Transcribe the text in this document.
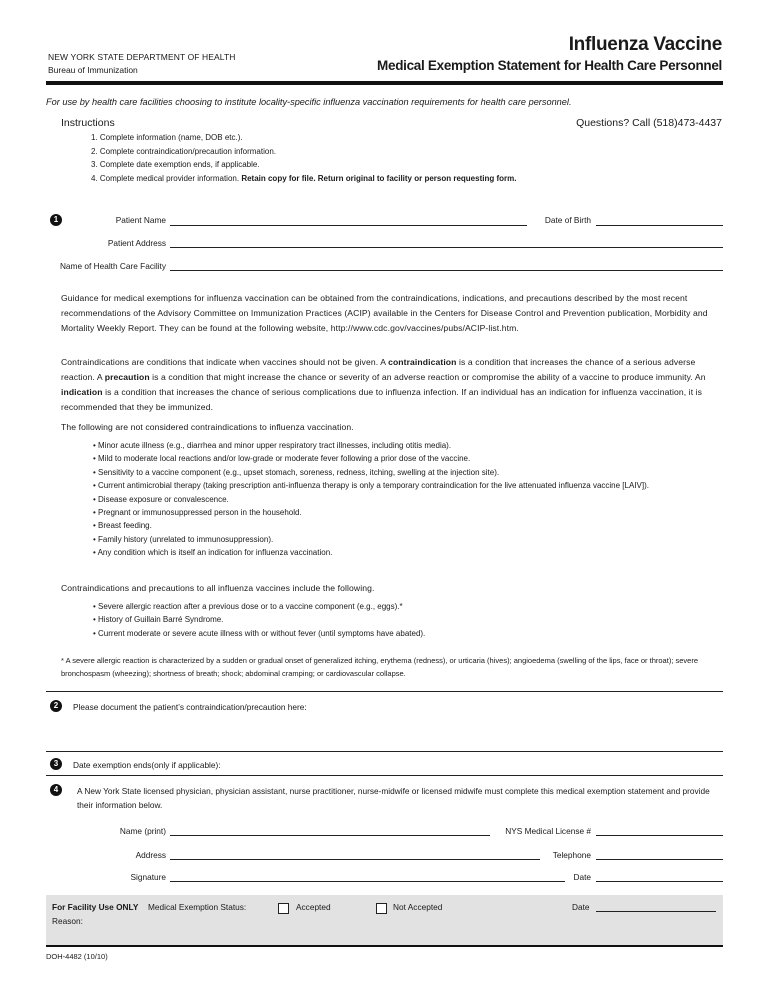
NEW YORK STATE DEPARTMENT OF HEALTH
Bureau of Immunization
Influenza Vaccine
Medical Exemption Statement for Health Care Personnel
For use by health care facilities choosing to institute locality-specific influenza vaccination requirements for health care personnel.
Instructions	Questions? Call (518)473-4437
1. Complete information (name, DOB etc.).
2. Complete contraindication/precaution information.
3. Complete date exemption ends, if applicable.
4. Complete medical provider information. Retain copy for file. Return original to facility or person requesting form.
1	Patient Name	Date of Birth
Patient Address
Name of Health Care Facility
Guidance for medical exemptions for influenza vaccination can be obtained from the contraindications, indications, and precautions described by the most recent recommendations of the Advisory Committee on Immunization Practices (ACIP) available in the Centers for Disease Control and Prevention publication, Morbidity and Mortality Weekly Report. They can be found at the following website, http://www.cdc.gov/vaccines/pubs/ACIP-list.htm.
Contraindications are conditions that indicate when vaccines should not be given. A contraindication is a condition that increases the chance of a serious adverse reaction. A precaution is a condition that might increase the chance or severity of an adverse reaction or compromise the ability of a vaccine to produce immunity. An indication is a condition that increases the chance of serious complications due to influenza infection. If an individual has an indication for influenza vaccination, it is recommended that they be immunized.
The following are not considered contraindications to influenza vaccination.
• Minor acute illness (e.g., diarrhea and minor upper respiratory tract illnesses, including otitis media).
• Mild to moderate local reactions and/or low-grade or moderate fever following a prior dose of the vaccine.
• Sensitivity to a vaccine component (e.g., upset stomach, soreness, redness, itching, swelling at the injection site).
• Current antimicrobial therapy (taking prescription anti-influenza therapy is only a temporary contraindication for the live attenuated influenza vaccine [LAIV]).
• Disease exposure or convalescence.
• Pregnant or immunosuppressed person in the household.
• Breast feeding.
• Family history (unrelated to immunosuppression).
• Any condition which is itself an indication for influenza vaccination.
Contraindications and precautions to all influenza vaccines include the following.
• Severe allergic reaction after a previous dose or to a vaccine component (e.g., eggs).*
• History of Guillain Barré Syndrome.
• Current moderate or severe acute illness with or without fever (until symptoms have abated).
* A severe allergic reaction is characterized by a sudden or gradual onset of generalized itching, erythema (redness), or urticaria (hives); angioedema (swelling of the lips, face or throat); severe bronchospasm (wheezing); shortness of breath; shock; abdominal cramping; or cardiovascular collapse.
2	Please document the patient’s contraindication/precaution here:
3	Date exemption ends(only if applicable):
4	A New York State licensed physician, physician assistant, nurse practitioner, nurse-midwife or licensed midwife must complete this medical exemption statement and provide their information below.
Name (print)	NYS Medical License #
Address	Telephone
Signature	Date
For Facility Use ONLY Medical Exemption Status:	Accepted	Not Accepted	Date
Reason:
DOH-4482 (10/10)
